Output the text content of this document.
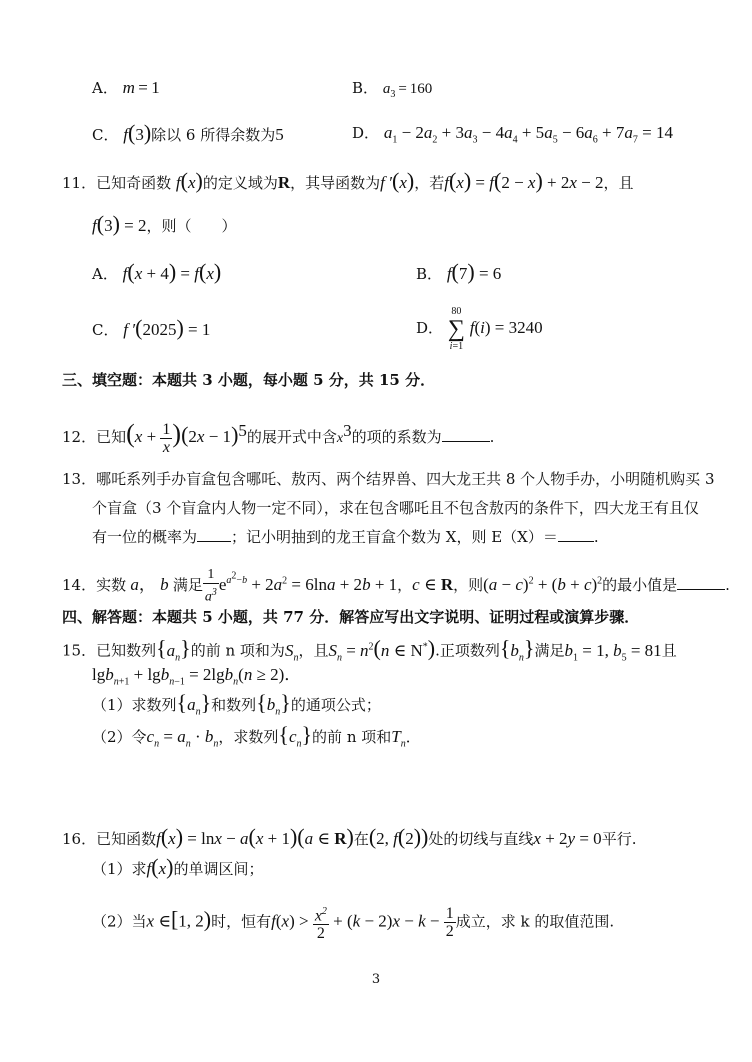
A． m = 1	B． $a_3 = 160$
C． f(3)除以 6 所得余数为5	D． $a_1 - 2a_2 + 3a_3 - 4a_4 + 5a_5 - 6a_6 + 7a_7 = 14$
11．已知奇函数 f(x)的定义域为R，其导函数为f ′(x)，若f(x) = f(2 − x) + 2x − 2，且
f(3) = 2，则（　　）
A． f(x + 4) = f(x)	B． f(7) = 6
C． f ′(2025) = 1	D．
80
∑
i=1
f(i) = 3240
三、填空题：本题共 3 小题，每小题 5 分，共 15 分．
12．已知$(x + \frac{1}{x} )(2x - 1)^5$的展开式中含$x^3$的项的系数为	.
13．哪吒系列手办盲盒包含哪吒、敖丙、两个结界兽、四大龙王共 8 个人物手办，小明随机购买 3
个盲盒（3 个盲盒内人物一定不同），求在包含哪吒且不包含敖丙的条件下，四大龙王有且仅
有一位的概率为 ；记小明抽到的龙王盲盒个数为 X，则 E（X）＝ .
14．实数 a， b 满足 $\frac{1}{a^3} e^{a^2-b} + 2a^2 = 6\ln a + 2b + 1$，c ∈ R，则$(a - c)^2 + (b + c)^2$的最小值是	.
四、解答题：本题共 5 小题，共 77 分．解答应写出文字说明、证明过程或演算步骤．
15．已知数列$\{a_n\}$的前 n 项和为$S_n$，且$S_n = n^2(n$ ∈ N*).正项数列$\{b_n\}$满足$b_1 = 1$, $b_5 = 81$且
lgb$_{n+1}$ + lgb$_{n-1}$ = 2lgb$_n$(n ≥ 2)．
（1）求数列$\{a_n\}$和数列$\{b_n\}$的通项公式；
（2）令$c_n = a_n \cdot b_n$，求数列$\{c_n\}$的前 n 项和$T_n$．
16．已知函数f(x) = lnx − a(x + 1)(a ∈ R)在(2, f(2))处的切线与直线x + 2y = 0平行.
（1）求f(x)的单调区间；
（2）当x ∈[1, 2)时，恒有$f(x) > \frac{x^2}{2} + (k - 2)x - k - \frac{1}{2}$ 成立，求 k 的取值范围.
3
